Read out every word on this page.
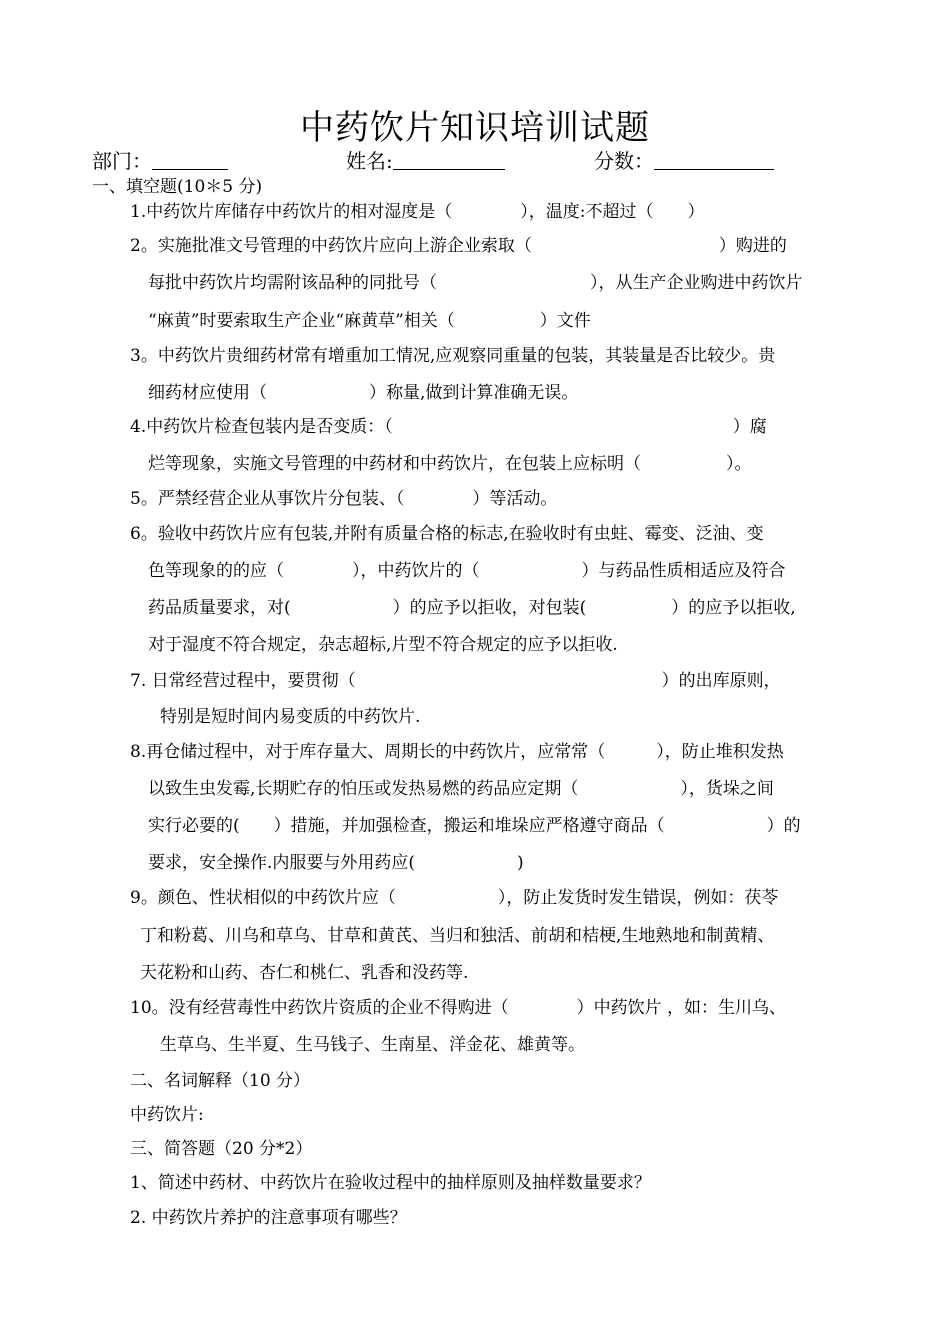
中药饮片知识培训试题
部门：	姓名:	分数：
一、填空题(10＊5 分)
1.中药饮片库储存中药饮片的相对湿度是（　　　　），温度:不超过（　　）
2。实施批准文号管理的中药饮片应向上游企业索取（　　　　　　　　　　　）购进的
每批中药饮片均需附该品种的同批号（　　　　　　　　　），从生产企业购进中药饮片
“麻黄”时要索取生产企业“麻黄草”相关（　　　　　）文件
3。中药饮片贵细药材常有增重加工情况,应观察同重量的包装，其装量是否比较少。贵
细药材应使用（　　　　　　）称量,做到计算准确无误。
4.中药饮片检查包装内是否变质：（　　　　　　　　　　　　　　　　　　　　）腐
烂等现象，实施文号管理的中药材和中药饮片，在包装上应标明（　　　　　）。
5。严禁经营企业从事饮片分包装、（　　　　）等活动。
6。验收中药饮片应有包装,并附有质量合格的标志,在验收时有虫蛀、霉变、泛油、变
色等现象的的应（　　　　），中药饮片的（　　　　　　）与药品性质相适应及符合
药品质量要求，对(　　　　　　）的应予以拒收，对包装(　　　　　）的应予以拒收,
对于湿度不符合规定，杂志超标,片型不符合规定的应予以拒收.
7. 日常经营过程中，要贯彻（　　　　　　　　　　　　　　　　　　）的出库原则，
特别是短时间内易变质的中药饮片.
8.再仓储过程中，对于库存量大、周期长的中药饮片，应常常（　　　），防止堆积发热
以致生虫发霉,长期贮存的怕压或发热易燃的药品应定期（　　　　　　），货垛之间
实行必要的(　　）措施，并加强检查，搬运和堆垛应严格遵守商品（　　　　　　）的
要求，安全操作.内服要与外用药应(　　　　　　)
9。颜色、性状相似的中药饮片应（　　　　　　），防止发货时发生错误，例如：茯苓
丁和粉葛、川乌和草乌、甘草和黄芪、当归和独活、前胡和桔梗,生地熟地和制黄精、
天花粉和山药、杏仁和桃仁、乳香和没药等.
10。没有经营毒性中药饮片资质的企业不得购进（　　　　）中药饮片 ，如：生川乌、
生草乌、生半夏、生马钱子、生南星、洋金花、雄黄等。
二、名词解释（10 分）
中药饮片:
三、简答题（20 分*2）
1、简述中药材、中药饮片在验收过程中的抽样原则及抽样数量要求？
2. 中药饮片养护的注意事项有哪些？
